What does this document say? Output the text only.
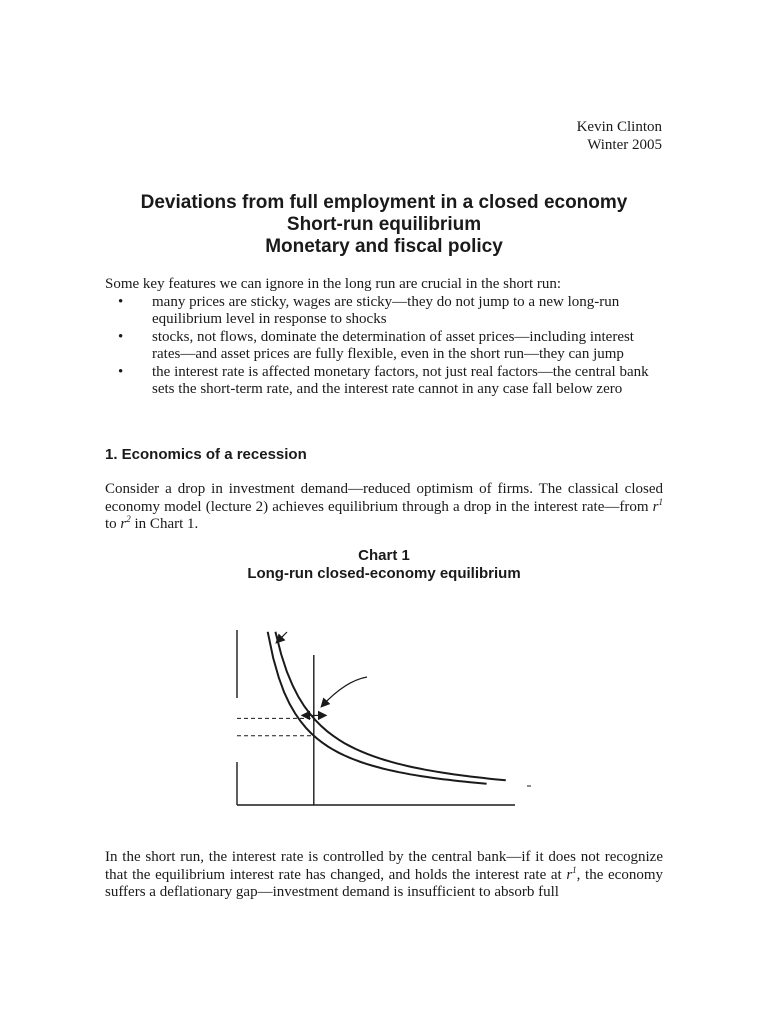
Kevin Clinton
Winter 2005
Deviations from full employment in a closed economy
Short-run equilibrium
Monetary and fiscal policy
Some key features we can ignore in the long run are crucial in the short run:
•	many prices are sticky, wages are sticky—they do not jump to a new long-run equilibrium level in response to shocks
•	stocks, not flows, dominate the determination of asset prices—including interest rates—and asset prices are fully flexible, even in the short run—they can jump
•	the interest rate is affected monetary factors, not just real factors—the central bank sets the short-term rate, and the interest rate cannot in any case fall below zero
1. Economics of a recession
Consider a drop in investment demand—reduced optimism of firms. The classical closed economy model (lecture 2) achieves equilibrium through a drop in the interest rate—from $r^1$ to $r^2$ in Chart 1.
Chart 1
Long-run closed-economy equilibrium
In the short run, the interest rate is controlled by the central bank—if it does not recognize that the equilibrium interest rate has changed, and holds the interest rate at $r^1$, the economy suffers a deflationary gap—investment demand is insufficient to absorb full
